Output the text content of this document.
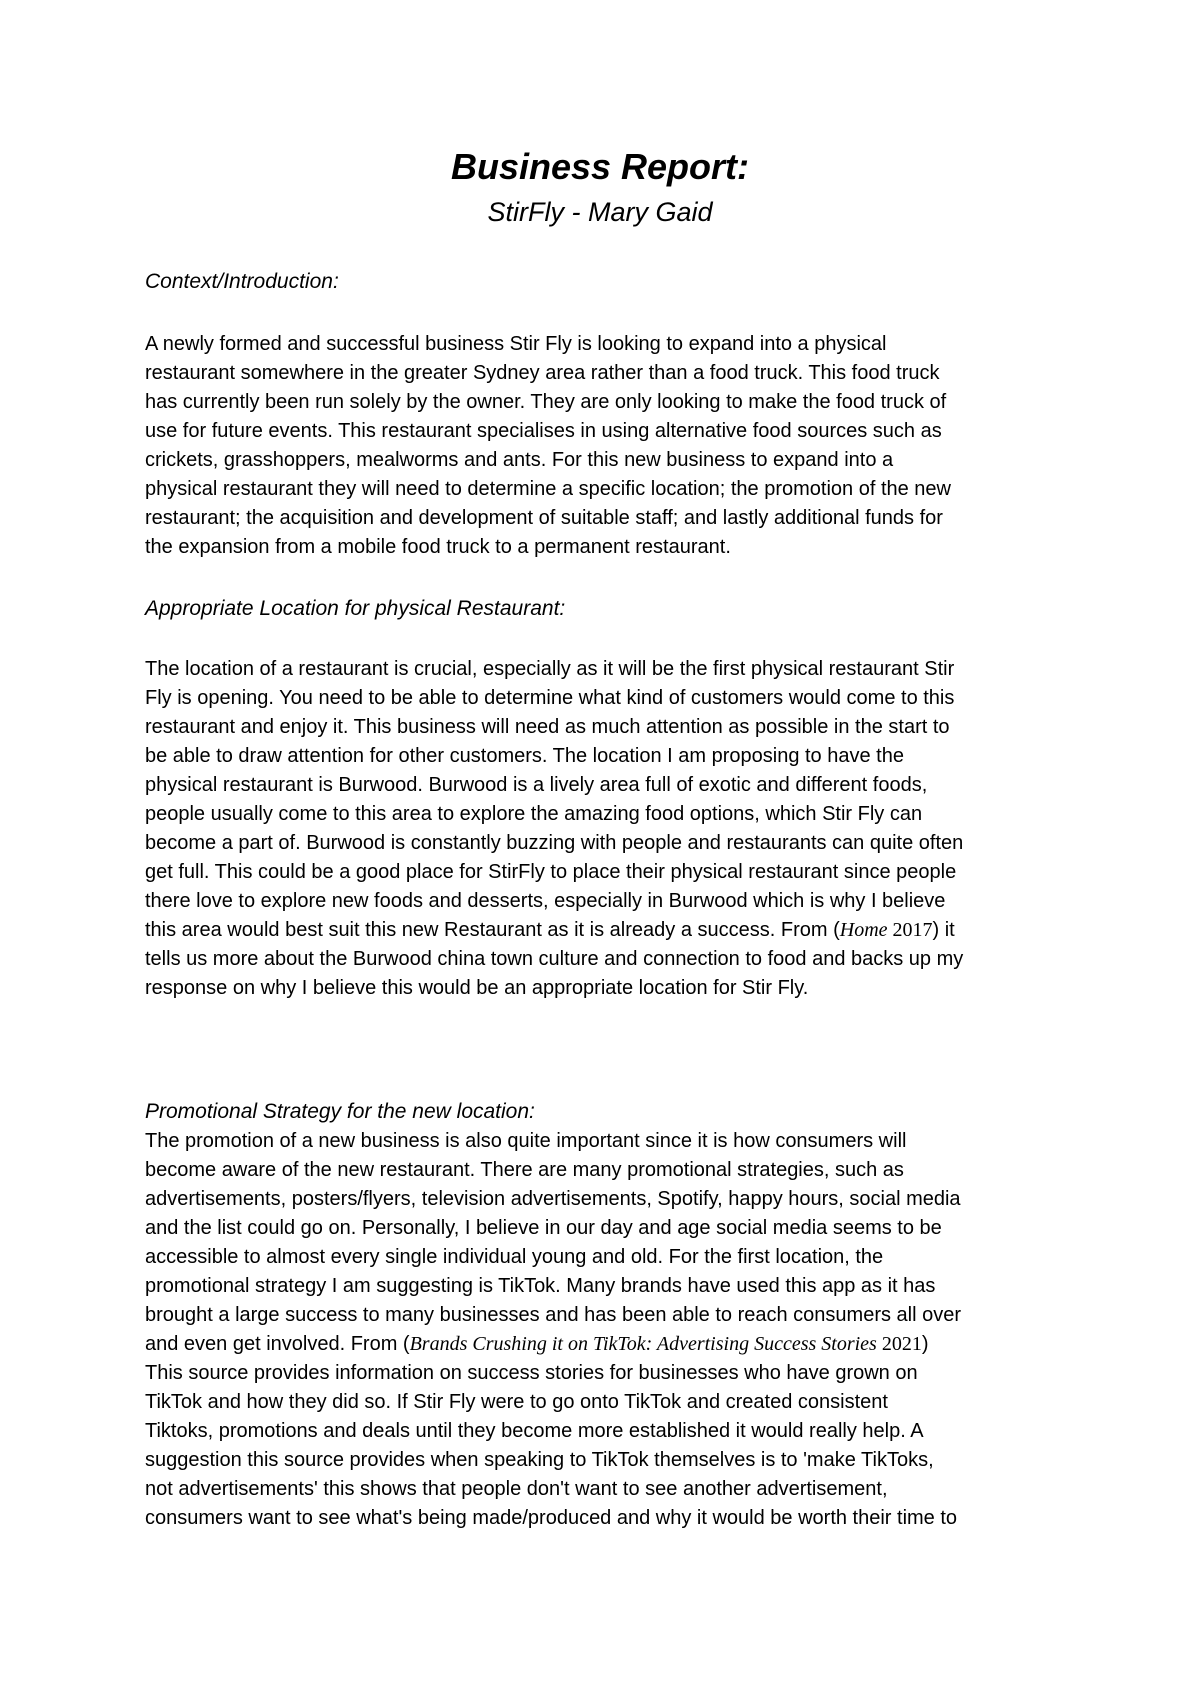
Business Report:
StirFly - Mary Gaid
Context/Introduction:
A newly formed and successful business Stir Fly is looking to expand into a physical
restaurant somewhere in the greater Sydney area rather than a food truck. This food truck
has currently been run solely by the owner. They are only looking to make the food truck of
use for future events. This restaurant specialises in using alternative food sources such as
crickets, grasshoppers, mealworms and ants. For this new business to expand into a
physical restaurant they will need to determine a specific location; the promotion of the new
restaurant; the acquisition and development of suitable staff; and lastly additional funds for
the expansion from a mobile food truck to a permanent restaurant.
Appropriate Location for physical Restaurant:
The location of a restaurant is crucial, especially as it will be the first physical restaurant Stir
Fly is opening. You need to be able to determine what kind of customers would come to this
restaurant and enjoy it. This business will need as much attention as possible in the start to
be able to draw attention for other customers. The location I am proposing to have the
physical restaurant is Burwood. Burwood is a lively area full of exotic and different foods,
people usually come to this area to explore the amazing food options, which Stir Fly can
become a part of. Burwood is constantly buzzing with people and restaurants can quite often
get full. This could be a good place for StirFly to place their physical restaurant since people
there love to explore new foods and desserts, especially in Burwood which is why I believe
this area would best suit this new Restaurant as it is already a success. From (Home 2017) it
tells us more about the Burwood china town culture and connection to food and backs up my
response on why I believe this would be an appropriate location for Stir Fly.
Promotional Strategy for the new location:
The promotion of a new business is also quite important since it is how consumers will
become aware of the new restaurant. There are many promotional strategies, such as
advertisements, posters/flyers, television advertisements, Spotify, happy hours, social media
and the list could go on. Personally, I believe in our day and age social media seems to be
accessible to almost every single individual young and old. For the first location, the
promotional strategy I am suggesting is TikTok. Many brands have used this app as it has
brought a large success to many businesses and has been able to reach consumers all over
and even get involved. From (Brands Crushing it on TikTok: Advertising Success Stories 2021)
This source provides information on success stories for businesses who have grown on
TikTok and how they did so. If Stir Fly were to go onto TikTok and created consistent
Tiktoks, promotions and deals until they become more established it would really help. A
suggestion this source provides when speaking to TikTok themselves is to 'make TikToks,
not advertisements' this shows that people don't want to see another advertisement,
consumers want to see what's being made/produced and why it would be worth their time to
